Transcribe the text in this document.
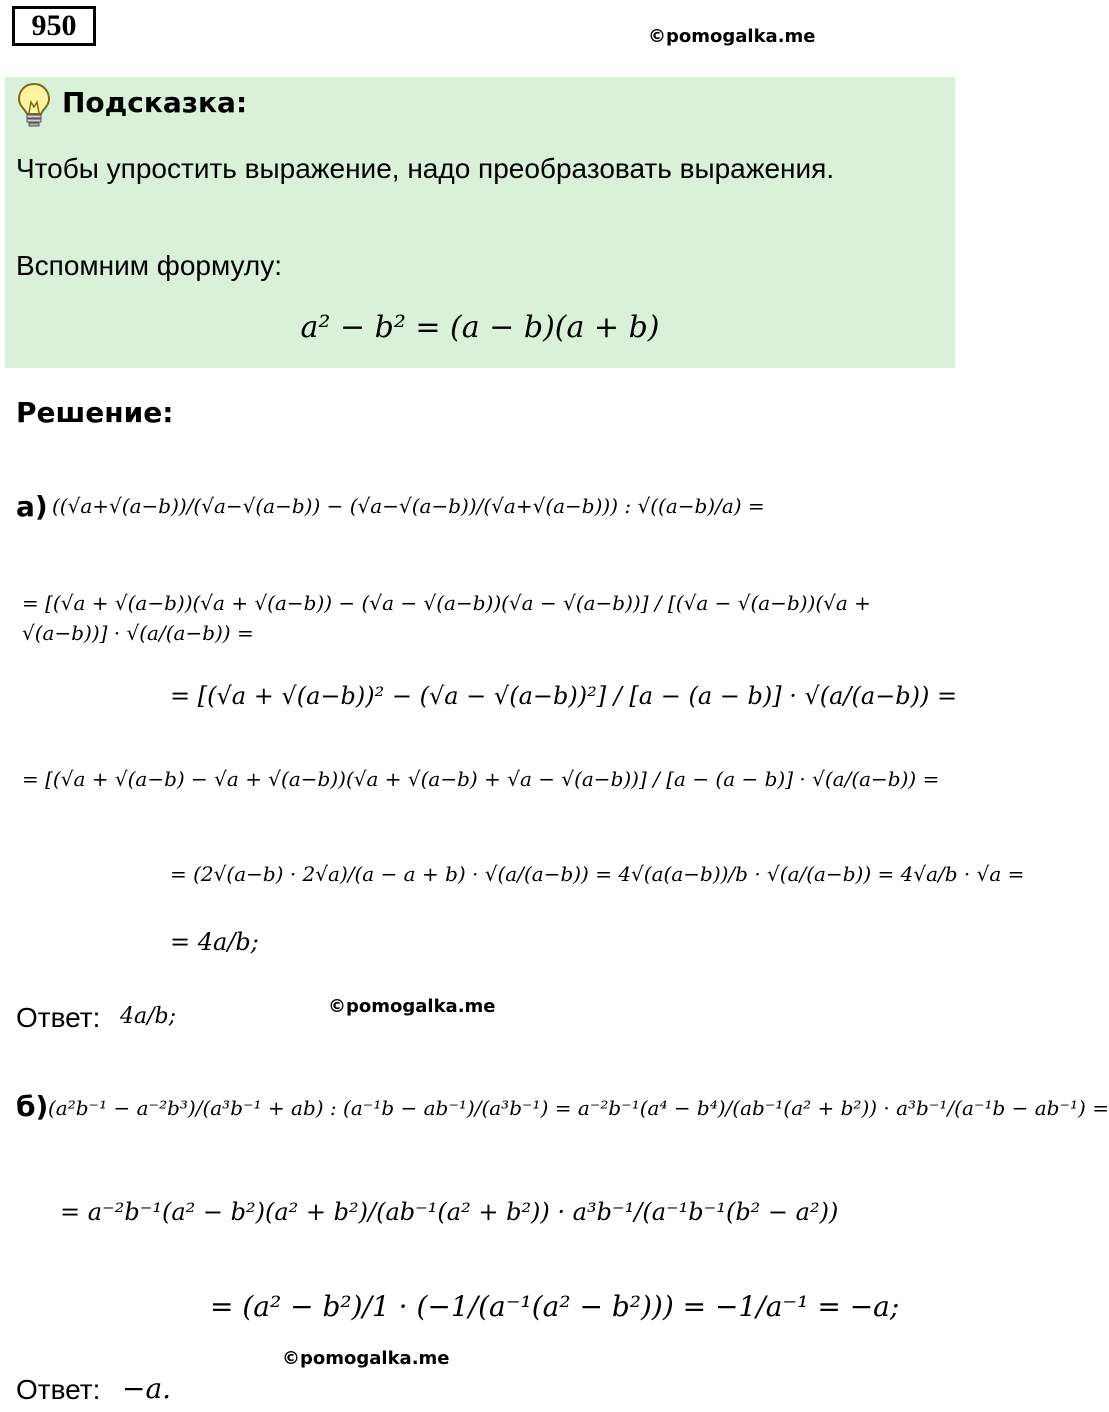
950	©pomogalka.me
Подсказка:
Чтобы упростить выражение, надо преобразовать выражения.
Вспомним формулу:
a² − b² = (a − b)(a + b)
Решение:
а) ((√a+√(a−b))/(√a−√(a−b)) − (√a−√(a−b))/(√a+√(a−b))) : √((a−b)/a) =
= [(√a + √(a−b))(√a + √(a−b)) − (√a − √(a−b))(√a − √(a−b))] / [(√a − √(a−b))(√a + √(a−b))] · √(a/(a−b)) =
= [(√a + √(a−b))² − (√a − √(a−b))²] / [a − (a − b)] · √(a/(a−b)) =
= [(√a + √(a−b) − √a + √(a−b))(√a + √(a−b) + √a − √(a−b))] / [a − (a − b)] · √(a/(a−b)) =
= (2√(a−b) · 2√a)/(a − a + b) · √(a/(a−b)) = 4√(a(a−b))/b · √(a/(a−b)) = 4√a/b · √a =
= 4a/b;
Ответ: 4a/b;	©pomogalka.me
б) (a²b⁻¹ − a⁻²b³)/(a³b⁻¹ + ab) : (a⁻¹b − ab⁻¹)/(a³b⁻¹) = a⁻²b⁻¹(a⁴ − b⁴)/(ab⁻¹(a² + b²)) · a³b⁻¹/(a⁻¹b − ab⁻¹) =
= a⁻²b⁻¹(a² − b²)(a² + b²)/(ab⁻¹(a² + b²)) · a³b⁻¹/(a⁻¹b⁻¹(b² − a²))
= (a² − b²)/1 · (−1/(a⁻¹(a² − b²))) = −1/a⁻¹ = −a;
©pomogalka.me
Ответ: −a.
